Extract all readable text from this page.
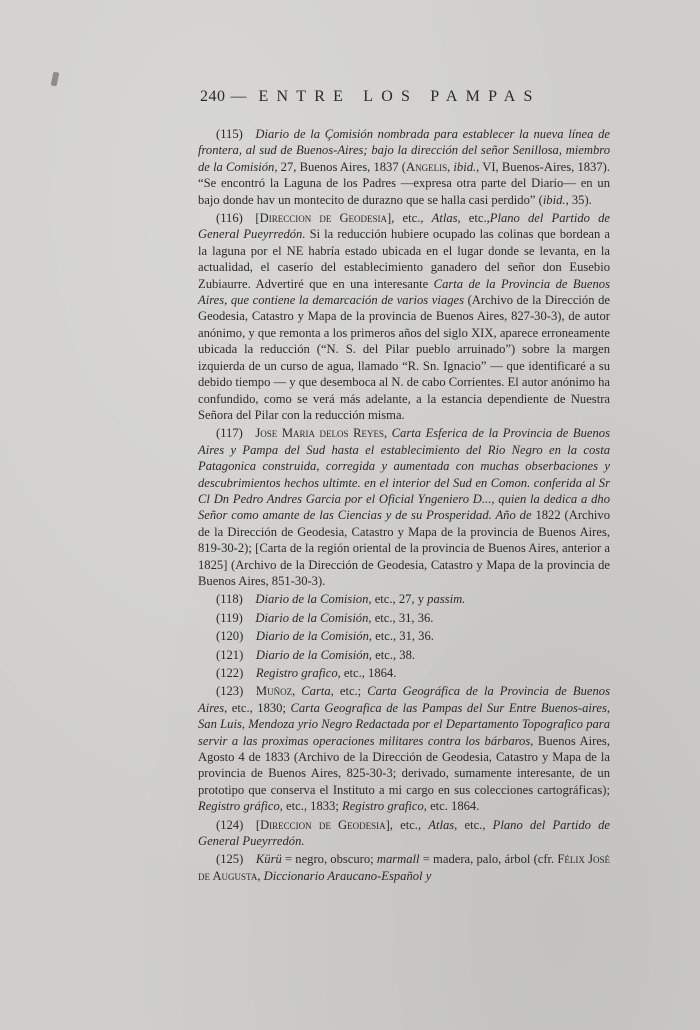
240 — ENTRE LOS PAMPAS

(115)  Diario de la Çomisión nombrada para establecer la nueva línea de frontera, al sud de Buenos-Aires; bajo la dirección del señor Senillosa, miembro de la Comisión, 27, Buenos Aires, 1837 (Angelis, ibid., VI, Buenos-Aires, 1837). “Se encontró la Laguna de los Padres —expresa otra parte del Diario— en un bajo donde hav un montecito de durazno que se halla casi perdido” (ibid., 35).

(116)  [Direccion de Geodesia], etc., Atlas, etc.,Plano del Partido de General Pueyrredón. Si la reducción hubiere ocupado las colinas que bordean a la laguna por el NE habría estado ubicada en el lugar donde se levanta, en la actualidad, el caserío del establecimiento ganadero del señor don Eusebio Zubiaurre. Advertiré que en una interesante Carta de la Provincia de Buenos Aires, que contiene la demarcación de varios viages (Archivo de la Dirección de Geodesia, Catastro y Mapa de la provincia de Buenos Aires, 827-30-3), de autor anónimo, y que remonta a los primeros años del siglo XIX, aparece erroneamente ubicada la reducción (“N. S. del Pilar pueblo arruinado”) sobre la margen izquierda de un curso de agua, llamado “R. Sn. Ignacio” — que identificaré a su debido tiempo — y que desemboca al N. de cabo Corrientes. El autor anónimo ha confundido, como se verá más adelante, a la estancia dependiente de Nuestra Señora del Pilar con la reducción misma.

(117)  Jose Maria delos Reyes, Carta Esferica de la Provincia de Buenos Aires y Pampa del Sud hasta el establecimiento del Rio Negro en la costa Patagonica construida, corregida y aumentada con muchas obserbaciones y descubrimientos hechos ultimte. en el interior del Sud en Comon. conferida al Sr Cl Dn Pedro Andres Garcia por el Oficial Yngeniero D..., quien la dedica a dho Señor como amante de las Ciencias y de su Prosperidad. Año de 1822 (Archivo de la Dirección de Geodesia, Catastro y Mapa de la provincia de Buenos Aires, 819-30-2); [Carta de la región oriental de la provincia de Buenos Aires, anterior a 1825] (Archivo de la Dirección de Geodesia, Catastro y Mapa de la provincia de Buenos Aires, 851-30-3).

(118)  Diario de la Comision, etc., 27, y passim.

(119)  Diario de la Comisión, etc., 31, 36.

(120)  Diario de la Comisión, etc., 31, 36.

(121)  Diario de la Comisión, etc., 38.

(122)  Registro grafico, etc., 1864.

(123)  Muñoz, Carta, etc.; Carta Geográfica de la Provincia de Buenos Aires, etc., 1830; Carta Geografica de las Pampas del Sur Entre Buenos-aires, San Luis, Mendoza yrio Negro Redactada por el Departamento Topografico para servir a las proximas operaciones militares contra los bárbaros, Buenos Aires, Agosto 4 de 1833 (Archivo de la Dirección de Geodesia, Catastro y Mapa de la provincia de Buenos Aires, 825-30-3; derivado, sumamente interesante, de un prototipo que conserva el Instituto a mi cargo en sus colecciones cartográficas); Registro gráfico, etc., 1833; Registro grafico, etc. 1864.

(124)  [Direccion de Geodesia], etc., Atlas, etc., Plano del Partido de General Pueyrredón.

(125)  Kürü = negro, obscuro; marmall = madera, palo, árbol (cfr. Félix José de Augusta, Diccionario Araucano-Español y
